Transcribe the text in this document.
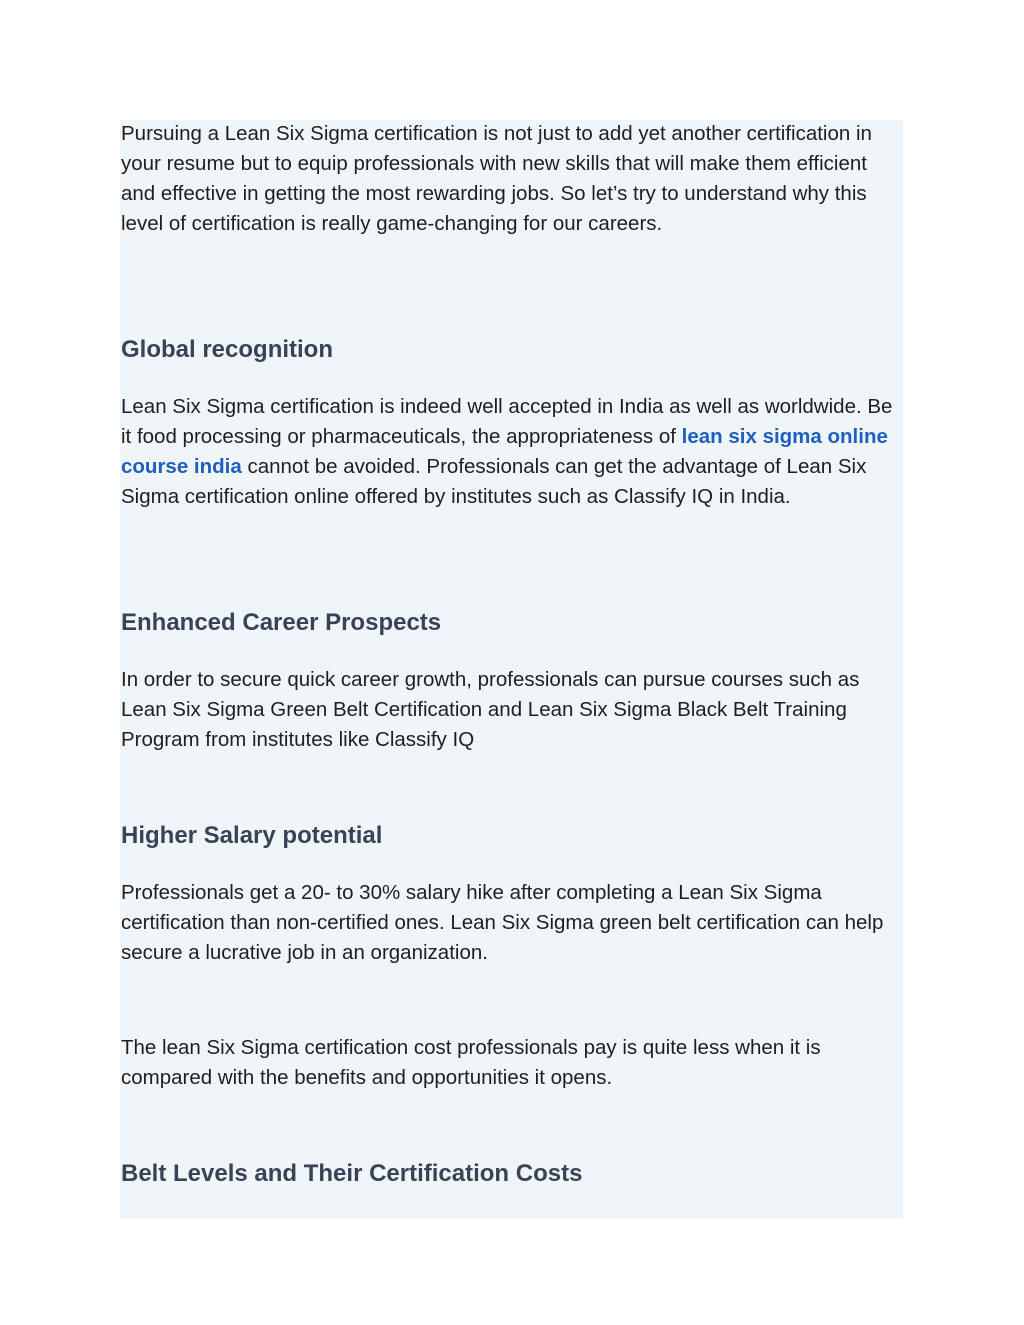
Pursuing a Lean Six Sigma certification is not just to add yet another certification in your resume but to equip professionals with new skills that will make them efficient and effective in getting the most rewarding jobs. So let’s try to understand why this level of certification is really game-changing for our careers.

Global recognition

Lean Six Sigma certification is indeed well accepted in India as well as worldwide. Be it food processing or pharmaceuticals, the appropriateness of lean six sigma online course india cannot be avoided. Professionals can get the advantage of Lean Six Sigma certification online offered by institutes such as Classify IQ in India.

Enhanced Career Prospects

In order to secure quick career growth, professionals can pursue courses such as Lean Six Sigma Green Belt Certification and Lean Six Sigma Black Belt Training Program from institutes like Classify IQ

Higher Salary potential

Professionals get a 20- to 30% salary hike after completing a Lean Six Sigma certification than non-certified ones. Lean Six Sigma green belt certification can help secure a lucrative job in an organization.

The lean Six Sigma certification cost professionals pay is quite less when it is compared with the benefits and opportunities it opens.

Belt Levels and Their Certification Costs
